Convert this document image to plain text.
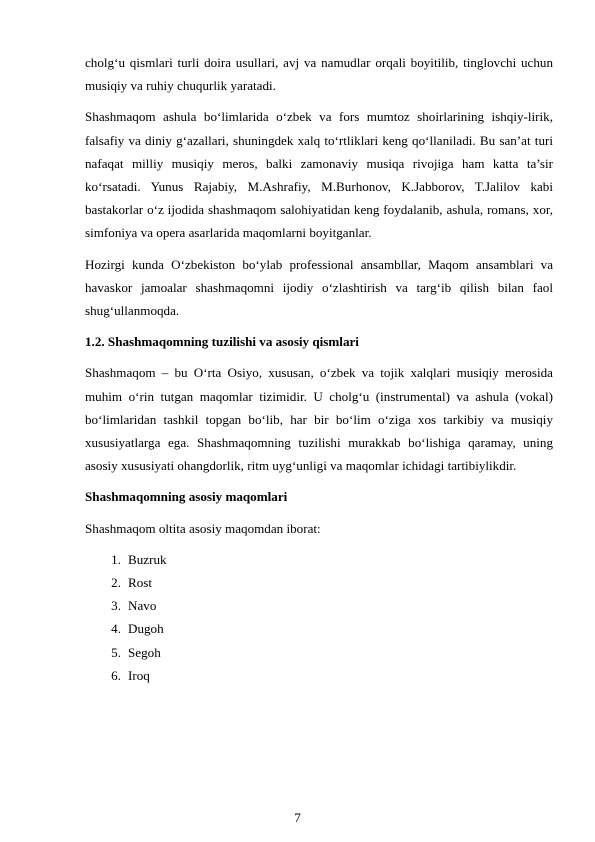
cholg‘u qismlari turli doira usullari, avj va namudlar orqali boyitilib, tinglovchi uchun musiqiy va ruhiy chuqurlik yaratadi.

Shashmaqom ashula bo‘limlarida o‘zbek va fors mumtoz shoirlarining ishqiy-lirik, falsafiy va diniy g‘azallari, shuningdek xalq to‘rtliklari keng qo‘llaniladi. Bu san’at turi nafaqat milliy musiqiy meros, balki zamonaviy musiqa rivojiga ham katta ta’sir ko‘rsatadi. Yunus Rajabiy, M.Ashrafiy, M.Burhonov, K.Jabborov, T.Jalilov kabi bastakorlar o‘z ijodida shashmaqom salohiyatidan keng foydalanib, ashula, romans, xor, simfoniya va opera asarlarida maqomlarni boyitganlar.

Hozirgi kunda O‘zbekiston bo‘ylab professional ansambllar, Maqom ansamblari va havaskor jamoalar shashmaqomni ijodiy o‘zlashtirish va targ‘ib qilish bilan faol shug‘ullanmoqda.

1.2. Shashmaqomning tuzilishi va asosiy qismlari

Shashmaqom – bu O‘rta Osiyo, xususan, o‘zbek va tojik xalqlari musiqiy merosida muhim o‘rin tutgan maqomlar tizimidir. U cholg‘u (instrumental) va ashula (vokal) bo‘limlaridan tashkil topgan bo‘lib, har bir bo‘lim o‘ziga xos tarkibiy va musiqiy xususiyatlarga ega. Shashmaqomning tuzilishi murakkab bo‘lishiga qaramay, uning asosiy xususiyati ohangdorlik, ritm uyg‘unligi va maqomlar ichidagi tartibiylikdir.

Shashmaqomning asosiy maqomlari

Shashmaqom oltita asosiy maqomdan iborat:

1. Buzruk
2. Rost
3. Navo
4. Dugoh
5. Segoh
6. Iroq
7
